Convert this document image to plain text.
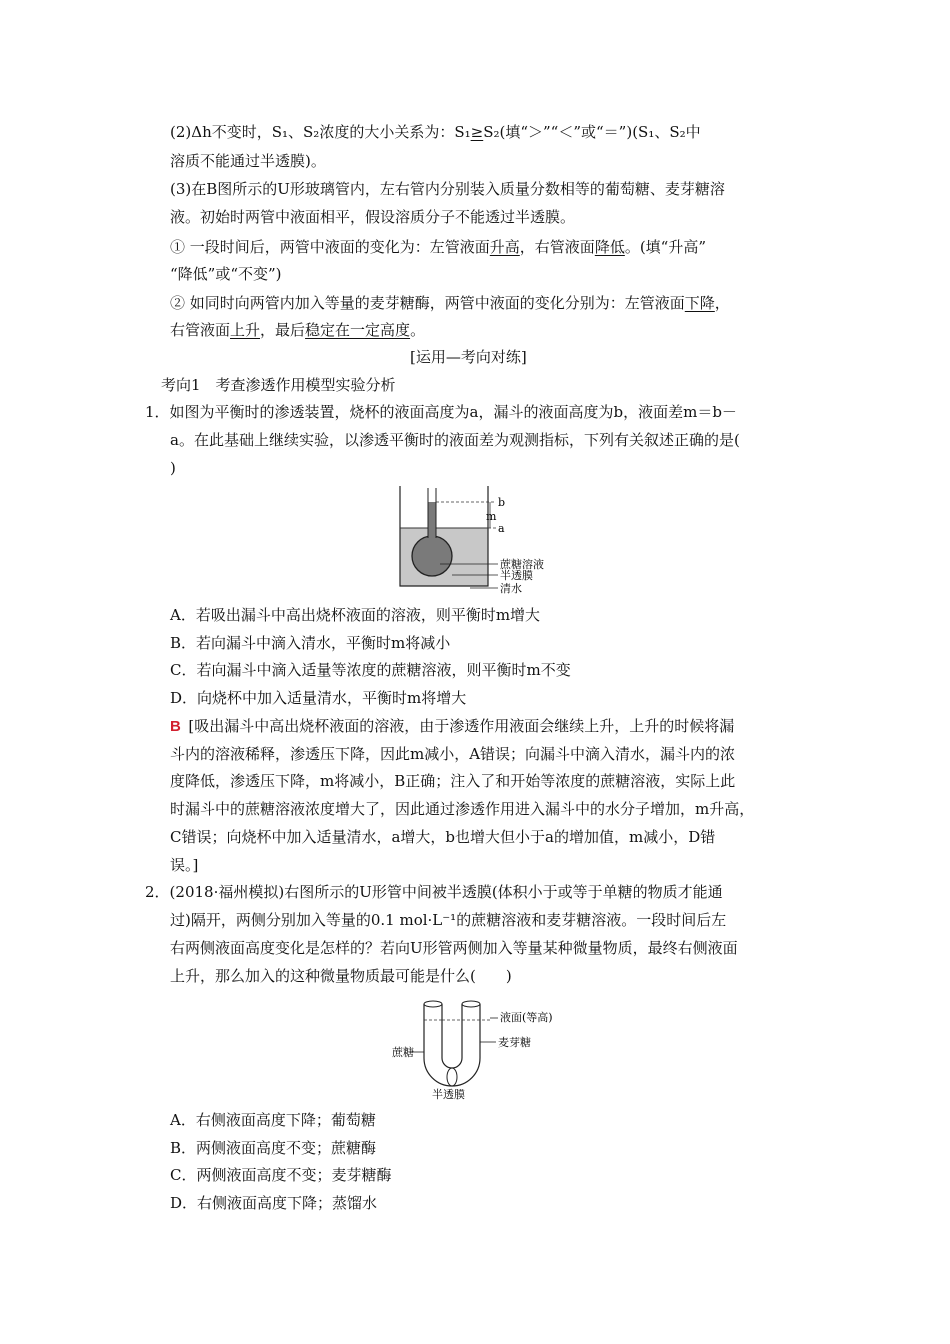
(2)Δh不变时，S₁、S₂浓度的大小关系为：S₁≥S₂(填“＞”“＜”或“＝”)(S₁、S₂中
溶质不能通过半透膜)。
(3)在B图所示的U形玻璃管内，左右管内分别装入质量分数相等的葡萄糖、麦芽糖溶
液。初始时两管中液面相平，假设溶质分子不能透过半透膜。
① 一段时间后，两管中液面的变化为：左管液面升高，右管液面降低。(填“升高”
“降低”或“不变”)
② 如同时向两管内加入等量的麦芽糖酶，两管中液面的变化分别为：左管液面下降，
右管液面上升，最后稳定在一定高度。
[运用—考向对练]
考向1　考查渗透作用模型实验分析
1．如图为平衡时的渗透装置，烧杯的液面高度为a，漏斗的液面高度为b，液面差m＝b－
a。在此基础上继续实验，以渗透平衡时的液面差为观测指标，下列有关叙述正确的是(
)
b
m
a
蔗糖溶液
半透膜
清水
A．若吸出漏斗中高出烧杯液面的溶液，则平衡时m增大
B．若向漏斗中滴入清水，平衡时m将减小
C．若向漏斗中滴入适量等浓度的蔗糖溶液，则平衡时m不变
D．向烧杯中加入适量清水，平衡时m将增大
B  [吸出漏斗中高出烧杯液面的溶液，由于渗透作用液面会继续上升，上升的时候将漏
斗内的溶液稀释，渗透压下降，因此m减小，A错误；向漏斗中滴入清水，漏斗内的浓
度降低，渗透压下降，m将减小，B正确；注入了和开始等浓度的蔗糖溶液，实际上此
时漏斗中的蔗糖溶液浓度增大了，因此通过渗透作用进入漏斗中的水分子增加，m升高，
C错误；向烧杯中加入适量清水，a增大，b也增大但小于a的增加值，m减小，D错
误。]
2．(2018·福州模拟)右图所示的U形管中间被半透膜(体积小于或等于单糖的物质才能通
过)隔开，两侧分别加入等量的0.1 mol·L⁻¹的蔗糖溶液和麦芽糖溶液。一段时间后左
右两侧液面高度变化是怎样的？若向U形管两侧加入等量某种微量物质，最终右侧液面
上升，那么加入的这种微量物质最可能是什么(　　)
液面(等高)
麦芽糖
蔗糖
半透膜
A．右侧液面高度下降；葡萄糖
B．两侧液面高度不变；蔗糖酶
C．两侧液面高度不变；麦芽糖酶
D．右侧液面高度下降；蒸馏水
